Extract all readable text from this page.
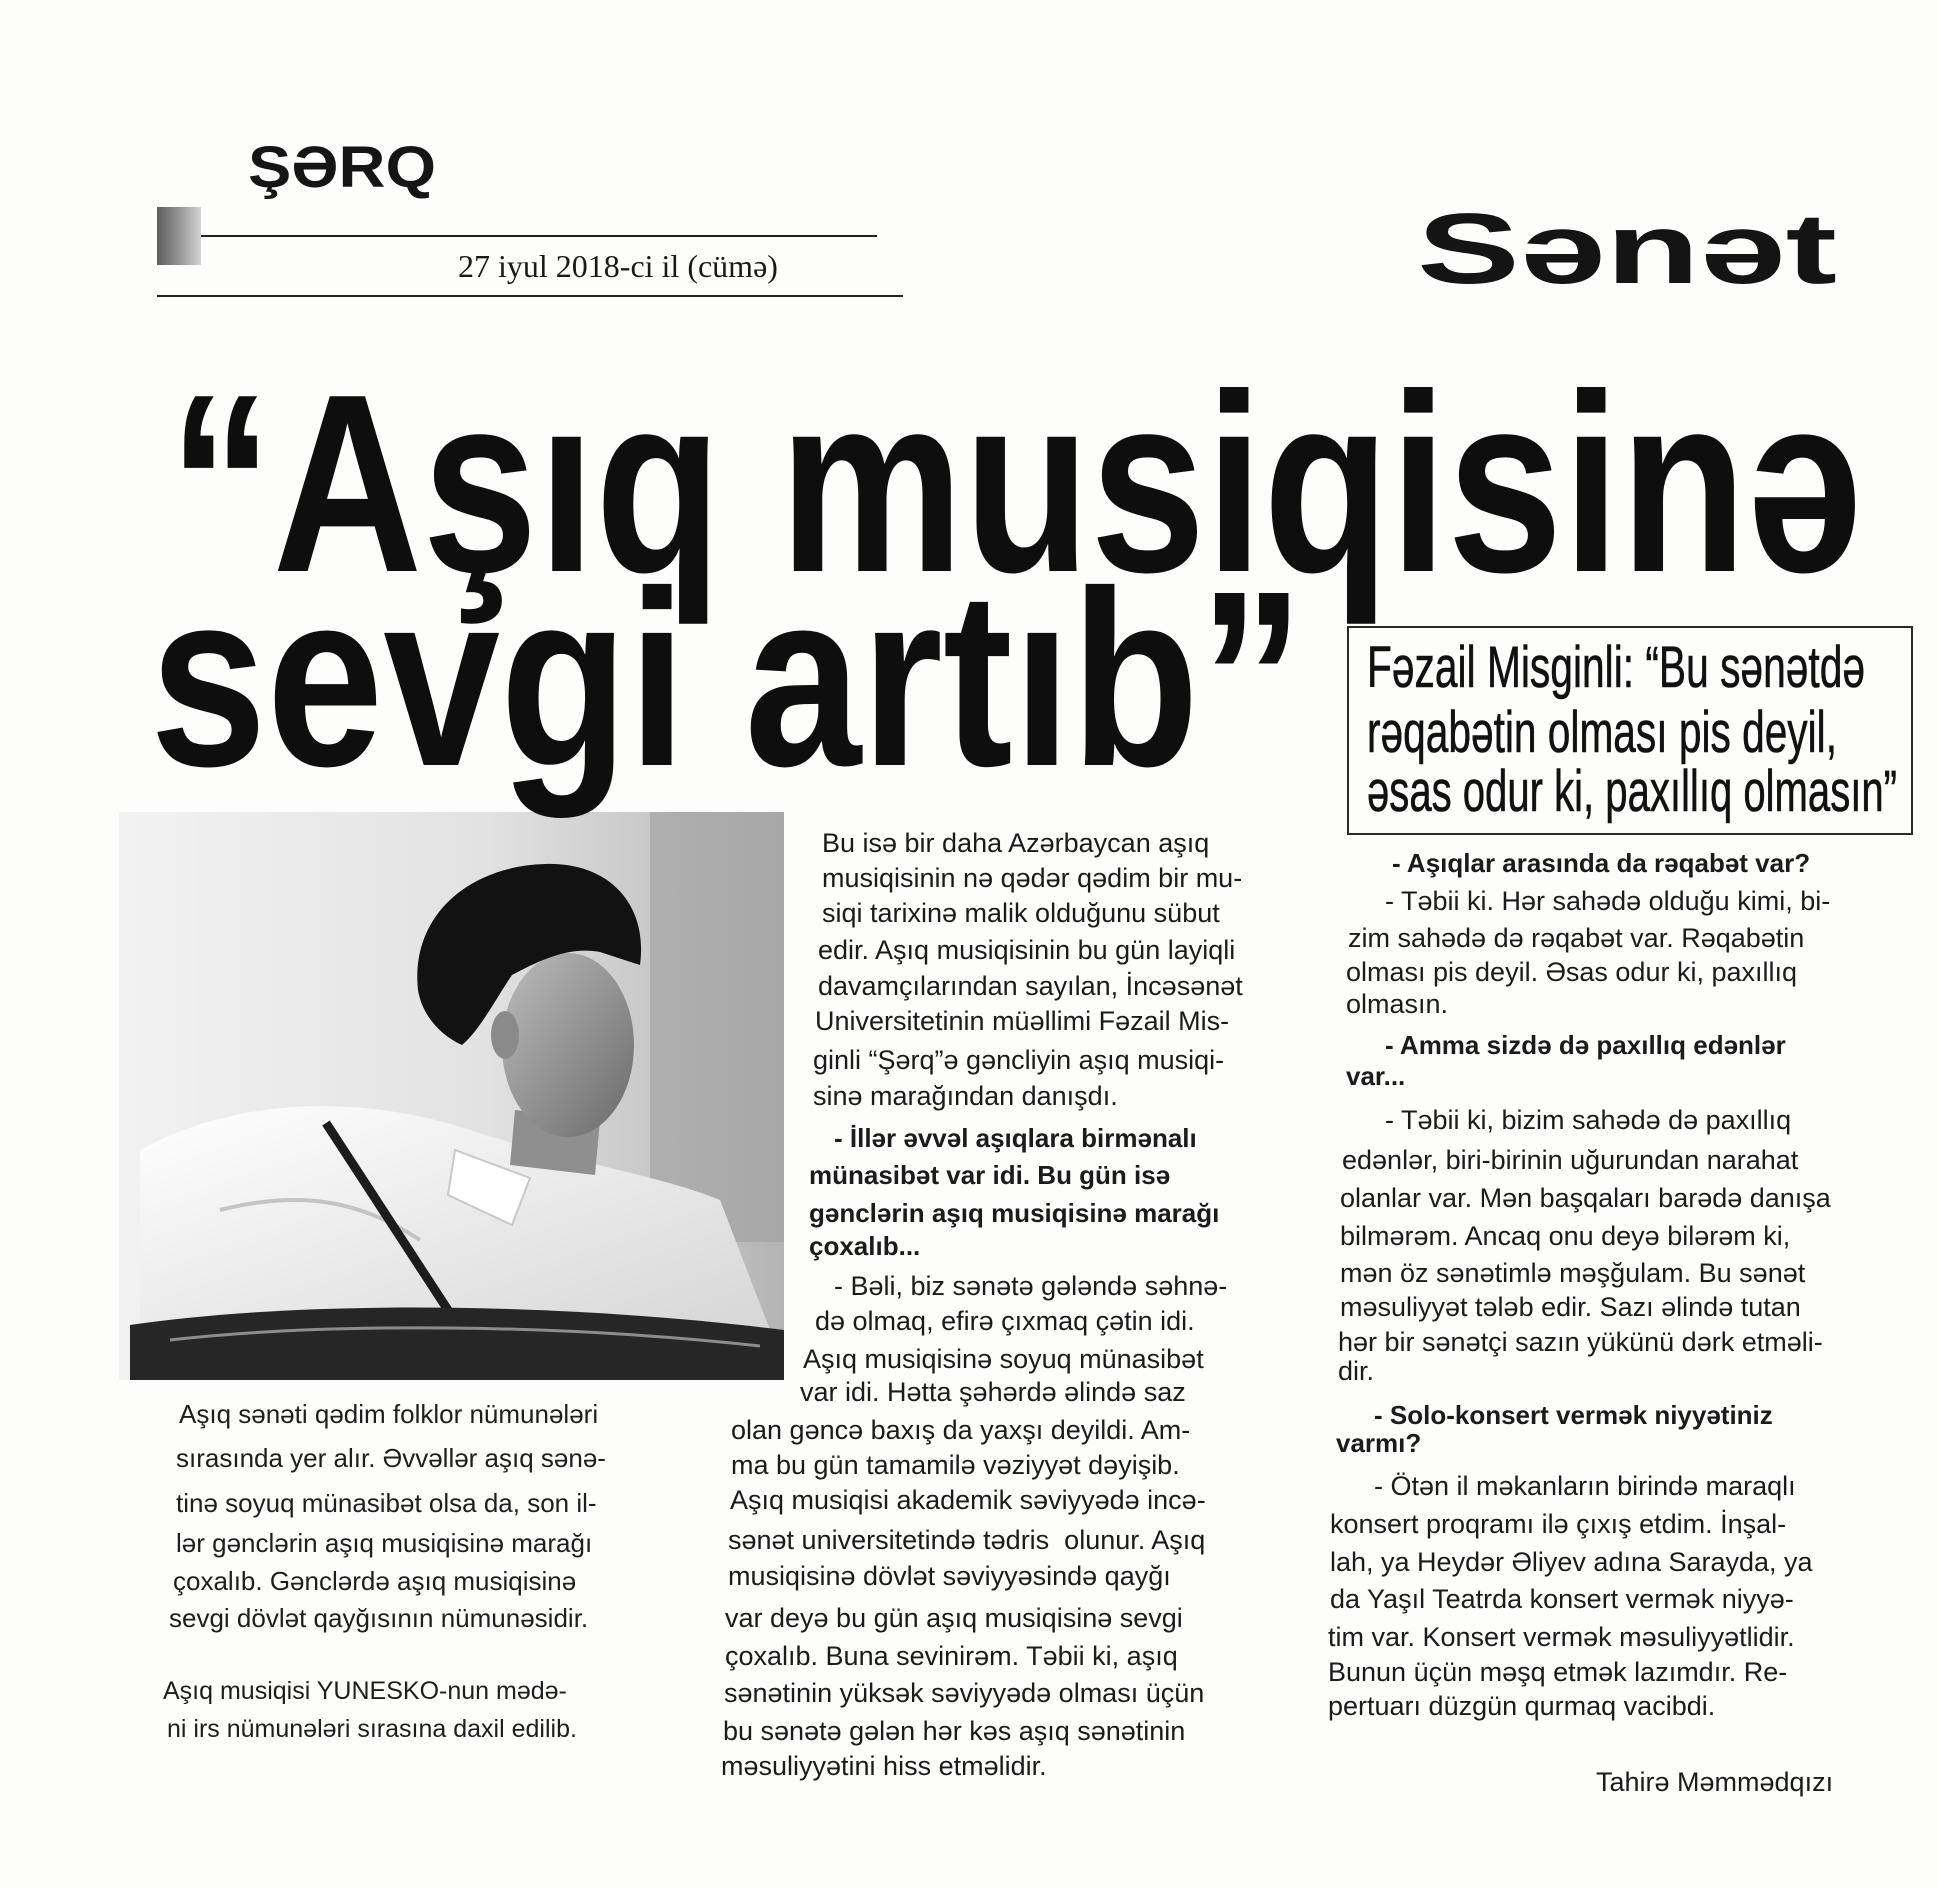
ŞƏRQ
Sənət
“Aşıq musiqisinə
sevgi artıb” Fəzail Misginli: “Bu sənətdə
rəqabətin olması pis deyil,
əsas odur ki, paxıllıq olmasın”
27 iyul 2018-ci il (cümə)
Aşıq sənəti qədim folklor nümunələri
sırasında yer alır. Əvvəllər aşıq sənə-
tinə soyuq münasibət olsa da, son il-
lər gənclərin aşıq musiqisinə marağı
çoxalıb. Gənclərdə aşıq musiqisinə
sevgi dövlət qayğısının nümunəsidir.
Aşıq musiqisi YUNESKO-nun mədə-
ni irs nümunələri sırasına daxil edilib.
Bu isə bir daha Azərbaycan aşıq
musiqisinin nə qədər qədim bir mu-
siqi tarixinə malik olduğunu sübut
edir. Aşıq musiqisinin bu gün layiqli
davamçılarından sayılan, İncəsənət
Universitetinin müəllimi Fəzail Mis-
ginli “Şərq”ə gəncliyin aşıq musiqi-
sinə marağından danışdı.
- İllər əvvəl aşıqlara birmənalı
münasibət var idi. Bu gün isə
gənclərin aşıq musiqisinə marağı
çoxalıb...
- Bəli, biz sənətə gələndə səhnə-
də olmaq, efirə çıxmaq çətin idi.
Aşıq musiqisinə soyuq münasibət
var idi. Hətta şəhərdə əlində saz
olan gəncə baxış da yaxşı deyildi. Am-
ma bu gün tamamilə vəziyyət dəyişib.
Aşıq musiqisi akademik səviyyədə incə-
sənət universitetində tədris  olunur. Aşıq
musiqisinə dövlət səviyyəsində qayğı
var deyə bu gün aşıq musiqisinə sevgi
çoxalıb. Buna sevinirəm. Təbii ki, aşıq
sənətinin yüksək səviyyədə olması üçün
bu sənətə gələn hər kəs aşıq sənətinin
məsuliyyətini hiss etməlidir.
- Aşıqlar arasında da rəqabət var?
- Təbii ki. Hər sahədə olduğu kimi, bi-
zim sahədə də rəqabət var. Rəqabətin
olması pis deyil. Əsas odur ki, paxıllıq
olmasın.
- Amma sizdə də paxıllıq edənlər
var...
- Təbii ki, bizim sahədə də paxıllıq
edənlər, biri-birinin uğurundan narahat
olanlar var. Mən başqaları barədə danışa
bilmərəm. Ancaq onu deyə bilərəm ki,
mən öz sənətimlə məşğulam. Bu sənət
məsuliyyət tələb edir. Sazı əlində tutan
hər bir sənətçi sazın yükünü dərk etməli-
dir.
- Solo-konsert vermək niyyətiniz
varmı?
- Ötən il məkanların birində maraqlı
konsert proqramı ilə çıxış etdim. İnşal-
lah, ya Heydər Əliyev adına Sarayda, ya
da Yaşıl Teatrda konsert vermək niyyə-
tim var. Konsert vermək məsuliyyətlidir.
Bunun üçün məşq etmək lazımdır. Re-
pertuarı düzgün qurmaq vacibdi.
Tahirə Məmmədqızı
